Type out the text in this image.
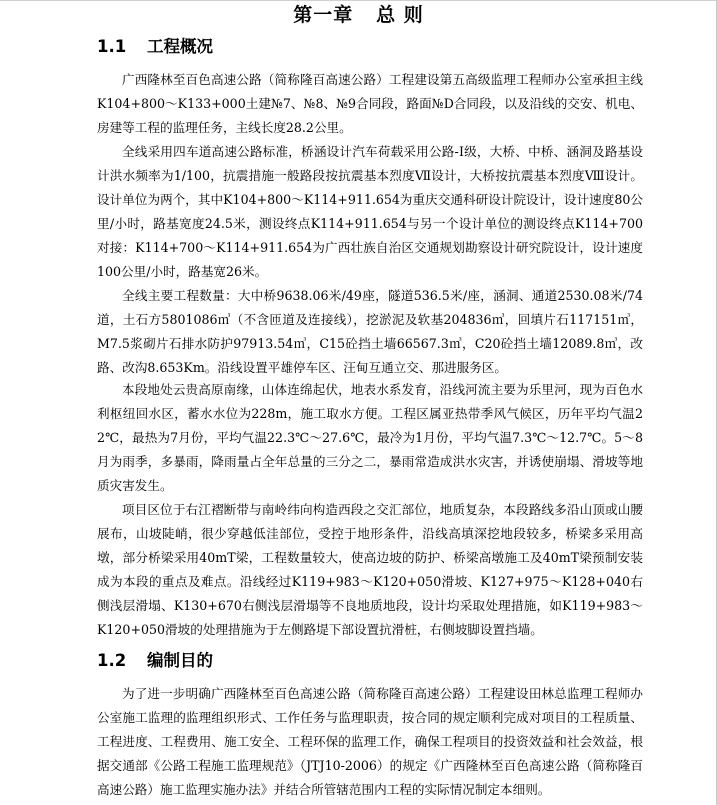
第一章   总 则
1.1 工程概况

广西隆林至百色高速公路（简称隆百高速公路）工程建设第五高级监理工程师办公室承担主线K104+800～K133+000土建№7、№8、№9合同段，路面№D合同段，以及沿线的交安、机电、房建等工程的监理任务，主线长度28.2公里。

全线采用四车道高速公路标准，桥涵设计汽车荷载采用公路-Ⅰ级，大桥、中桥、涵洞及路基设计洪水频率为1/100，抗震措施一般路段按抗震基本烈度Ⅶ设计，大桥按抗震基本烈度Ⅷ设计。设计单位为两个，其中K104+800～K114+911.654为重庆交通科研设计院设计，设计速度80公里/小时，路基宽度24.5米，测设终点K114+911.654与另一个设计单位的测设终点K114+700对接：K114+700～K114+911.654为广西壮族自治区交通规划勘察设计研究院设计，设计速度100公里/小时，路基宽26米。

全线主要工程数量：大中桥9638.06米/49座，隧道536.5米/座，涵洞、通道2530.08米/74道，土石方5801086㎥（不含匝道及连接线），挖淤泥及软基204836㎥，回填片石117151㎥，M7.5浆砌片石排水防护97913.54㎥，C15砼挡土墙66567.3㎥，C20砼挡土墙12089.8㎥，改路、改沟8.653Km。沿线设置平雄停车区、汪甸互通立交、那进服务区。

本段地处云贵高原南缘，山体连绵起伏，地表水系发育，沿线河流主要为乐里河，现为百色水利枢纽回水区，蓄水水位为228m，施工取水方便。工程区属亚热带季风气候区，历年平均气温22℃，最热为7月份，平均气温22.3℃～27.6℃，最冷为1月份，平均气温7.3℃～12.7℃。5～8月为雨季，多暴雨，降雨量占全年总量的三分之二，暴雨常造成洪水灾害，并诱使崩塌、滑坡等地质灾害发生。

项目区位于右江褶断带与南岭纬向构造西段之交汇部位，地质复杂，本段路线多沿山顶或山腰展布，山坡陡峭，很少穿越低洼部位，受控于地形条件，沿线高填深挖地段较多，桥梁多采用高墩，部分桥梁采用40mT梁，工程数量较大，使高边坡的防护、桥梁高墩施工及40mT梁预制安装成为本段的重点及难点。沿线经过K119+983～K120+050滑坡、K127+975～K128+040右侧浅层滑塌、K130+670右侧浅层滑塌等不良地质地段，设计均采取处理措施，如K119+983～K120+050滑坡的处理措施为于左侧路堤下部设置抗滑桩，右侧坡脚设置挡墙。

1.2 编制目的

为了进一步明确广西隆林至百色高速公路（简称隆百高速公路）工程建设田林总监理工程师办公室施工监理的监理组织形式、工作任务与监理职责，按合同的规定顺利完成对项目的工程质量、工程进度、工程费用、施工安全、工程环保的监理工作，确保工程项目的投资效益和社会效益，根据交通部《公路工程施工监理规范》（JTJ10-2006）的规定《广西隆林至百色高速公路（简称隆百高速公路）施工监理实施办法》并结合所管辖范围内工程的实际情况制定本细则。
